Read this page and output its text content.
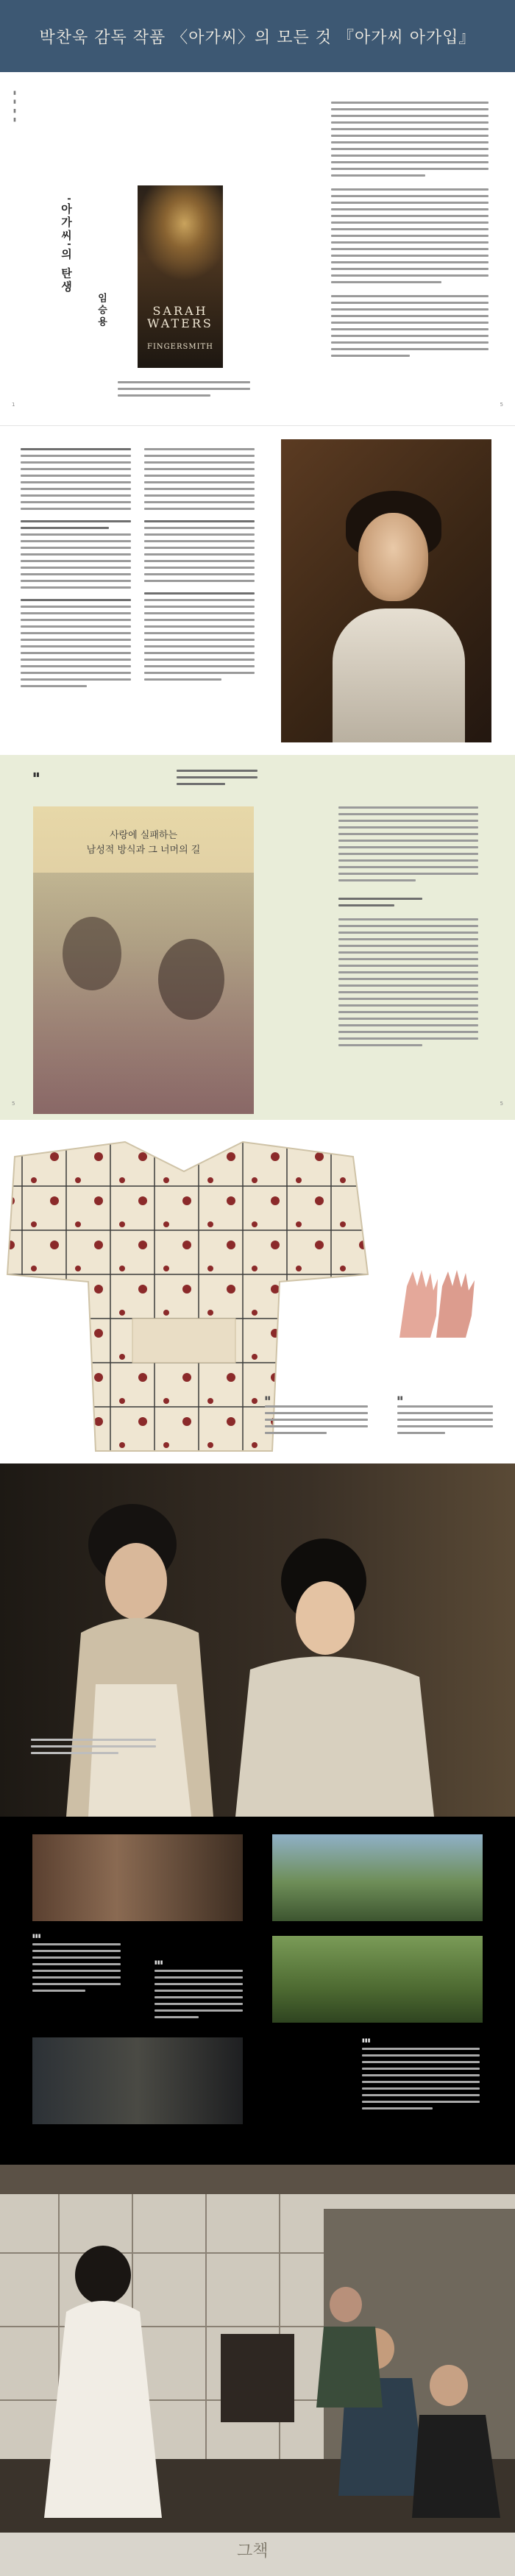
박찬욱 감독 작품 〈아가씨〉의 모든 것 『아가씨 아가입』
▮ ▮ ▮ ▮
'아가씨'의 탄생
임승용	SARAH WATERS
FINGERSMITH
1	5
▮▮
사랑에 실패하는
남성적 방식과 그 너머의 길
5	5
▮▮	▮▮
▮▮▮
▮▮▮
▮▮▮
그책
